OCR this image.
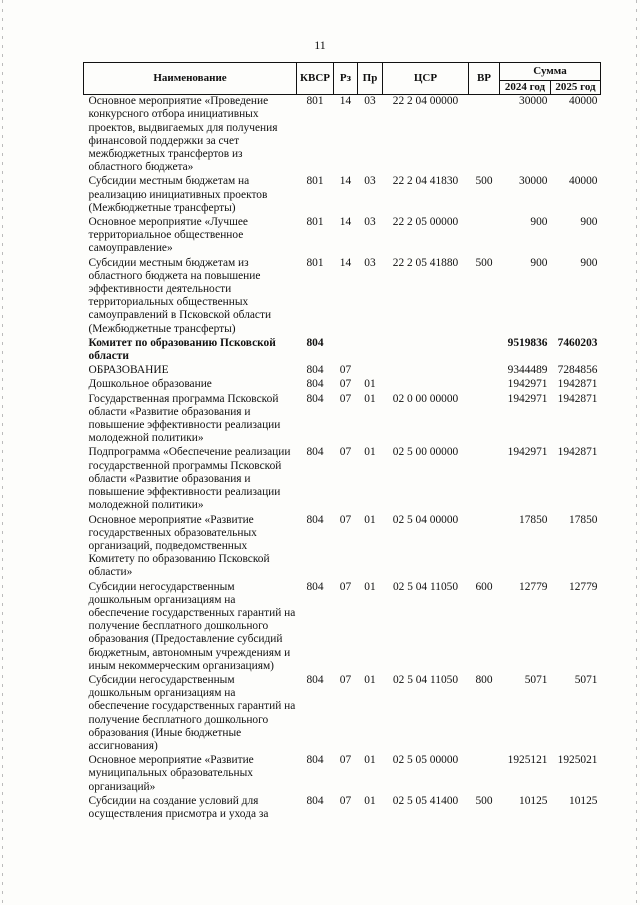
11
Наименование	КВСР	Рз	Пр	ЦСР	ВР	Сумма	
						2024 год	2025 год
Основное мероприятие «Проведение конкурсного отбора инициативных проектов, выдвигаемых для получения финансовой поддержки за счет межбюджетных трансфертов из областного бюджета»	801	14	03	22 2 04 00000		30000	40000
Субсидии местным бюджетам на реализацию инициативных проектов (Межбюджетные трансферты)	801	14	03	22 2 04 41830	500	30000	40000
Основное мероприятие «Лучшее территориальное общественное самоуправление»	801	14	03	22 2 05 00000		900	900
Субсидии местным бюджетам из областного бюджета на повышение эффективности деятельности территориальных общественных самоуправлений в Псковской области (Межбюджетные трансферты)	801	14	03	22 2 05 41880	500	900	900
Комитет по образованию Псковской области	804					9519836	7460203
ОБРАЗОВАНИЕ	804	07				9344489	7284856
Дошкольное образование	804	07	01			1942971	1942871
Государственная программа Псковской области «Развитие образования и повышение эффективности реализации молодежной политики»	804	07	01	02 0 00 00000		1942971	1942871
Подпрограмма «Обеспечение реализации государственной программы Псковской области «Развитие образования и повышение эффективности реализации молодежной политики»	804	07	01	02 5 00 00000		1942971	1942871
Основное мероприятие «Развитие государственных образовательных организаций, подведомственных Комитету по образованию Псковской области»	804	07	01	02 5 04 00000		17850	17850
Субсидии негосударственным дошкольным организациям на обеспечение государственных гарантий на получение бесплатного дошкольного образования (Предоставление субсидий бюджетным, автономным учреждениям и иным некоммерческим организациям)	804	07	01	02 5 04 11050	600	12779	12779
Субсидии негосударственным дошкольным организациям на обеспечение государственных гарантий на получение бесплатного дошкольного образования (Иные бюджетные ассигнования)	804	07	01	02 5 04 11050	800	5071	5071
Основное мероприятие «Развитие муниципальных образовательных организаций»	804	07	01	02 5 05 00000		1925121	1925021
Субсидии на создание условий для осуществления присмотра и ухода за	804	07	01	02 5 05 41400	500	10125	10125
